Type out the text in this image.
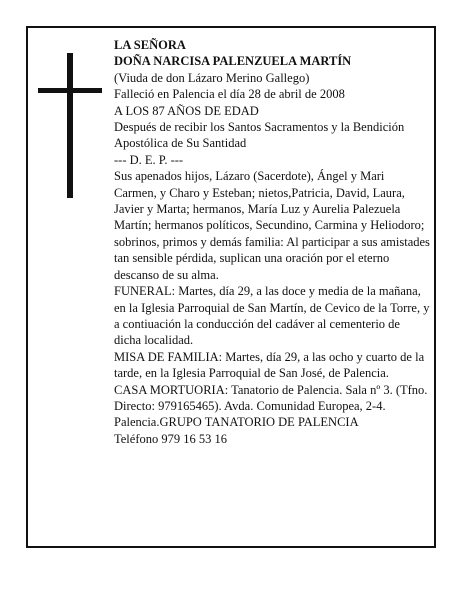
LA SEÑORA
DOÑA NARCISA PALENZUELA MARTÍN
(Viuda de don Lázaro Merino Gallego)
Falleció en Palencia el día 28 de abril de 2008
A LOS 87 AÑOS DE EDAD
Después de recibir los Santos Sacramentos y la Bendición Apostólica de Su Santidad
--- D. E. P. ---
Sus apenados hijos, Lázaro (Sacerdote), Ángel y Mari Carmen, y Charo y Esteban; nietos,Patricia, David, Laura, Javier y Marta; hermanos, María Luz y Aurelia Palezuela Martín; hermanos políticos, Secundino, Carmina y Heliodoro; sobrinos, primos y demás familia: Al participar a sus amistades tan sensible pérdida, suplican una oración por el eterno descanso de su alma.
FUNERAL: Martes, día 29, a las doce y media de la mañana, en la Iglesia Parroquial de San Martín, de Cevico de la Torre, y a contiuación la conducción del cadáver al cementerio de dicha localidad.
MISA DE FAMILIA: Martes, día 29, a las ocho y cuarto de la tarde, en la Iglesia Parroquial de San José, de Palencia.
CASA MORTUORIA: Tanatorio de Palencia. Sala nº 3. (Tfno. Directo: 979165465). Avda. Comunidad Europea, 2-4. Palencia.GRUPO TANATORIO DE PALENCIA
Teléfono 979 16 53 16
